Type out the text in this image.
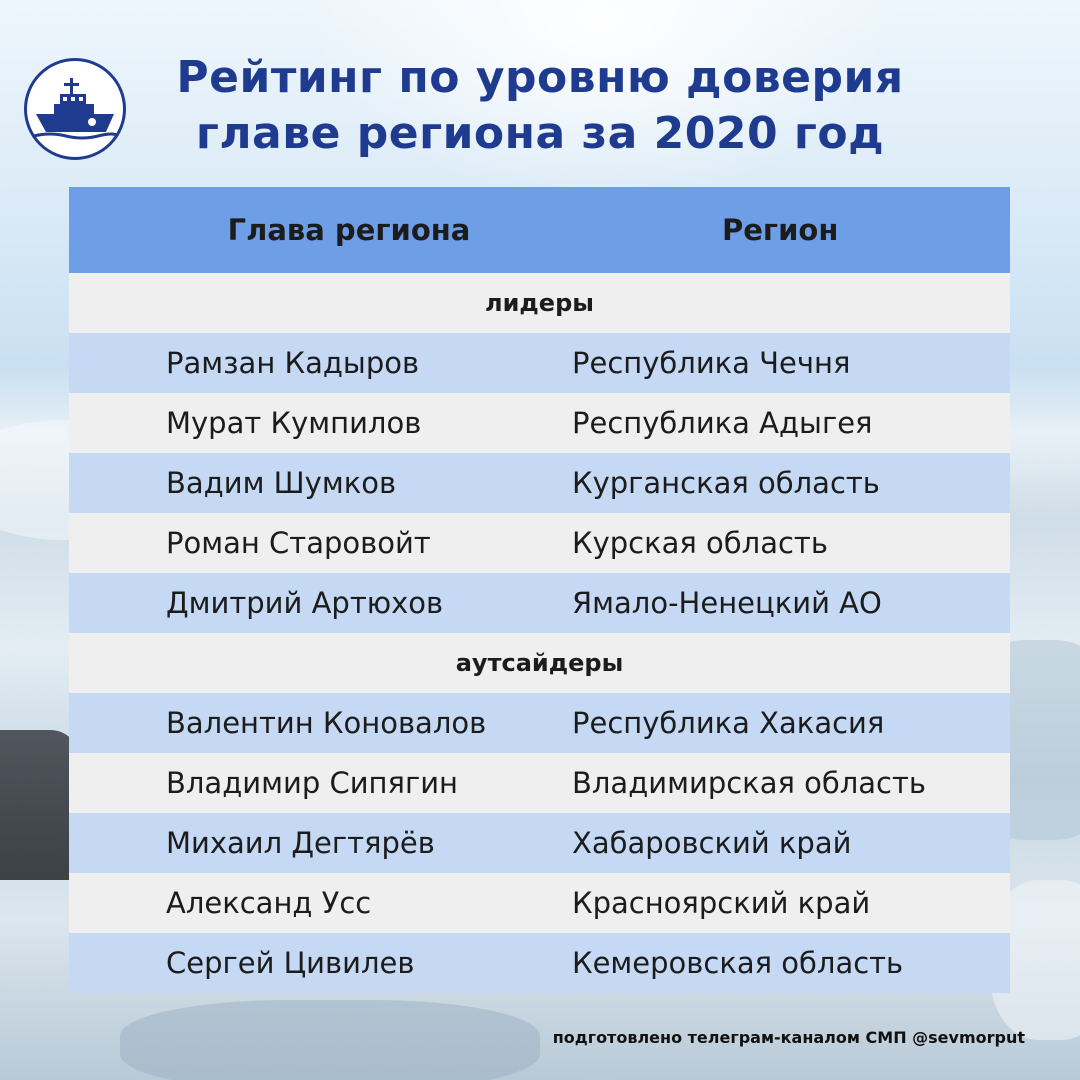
Рейтинг по уровню доверия
главе региона за 2020 год
Глава региона	Регион
лидеры
Рамзан Кадыров	Республика Чечня
Мурат Кумпилов	Республика Адыгея
Вадим Шумков	Курганская область
Роман Старовойт	Курская область
Дмитрий Артюхов	Ямало-Ненецкий АО
аутсайдеры
Валентин Коновалов	Республика Хакасия
Владимир Сипягин	Владимирская область
Михаил Дегтярёв	Хабаровский край
Александ Усс	Красноярский край
Сергей Цивилев	Кемеровская область
подготовлено телеграм-каналом СМП @sevmorput
